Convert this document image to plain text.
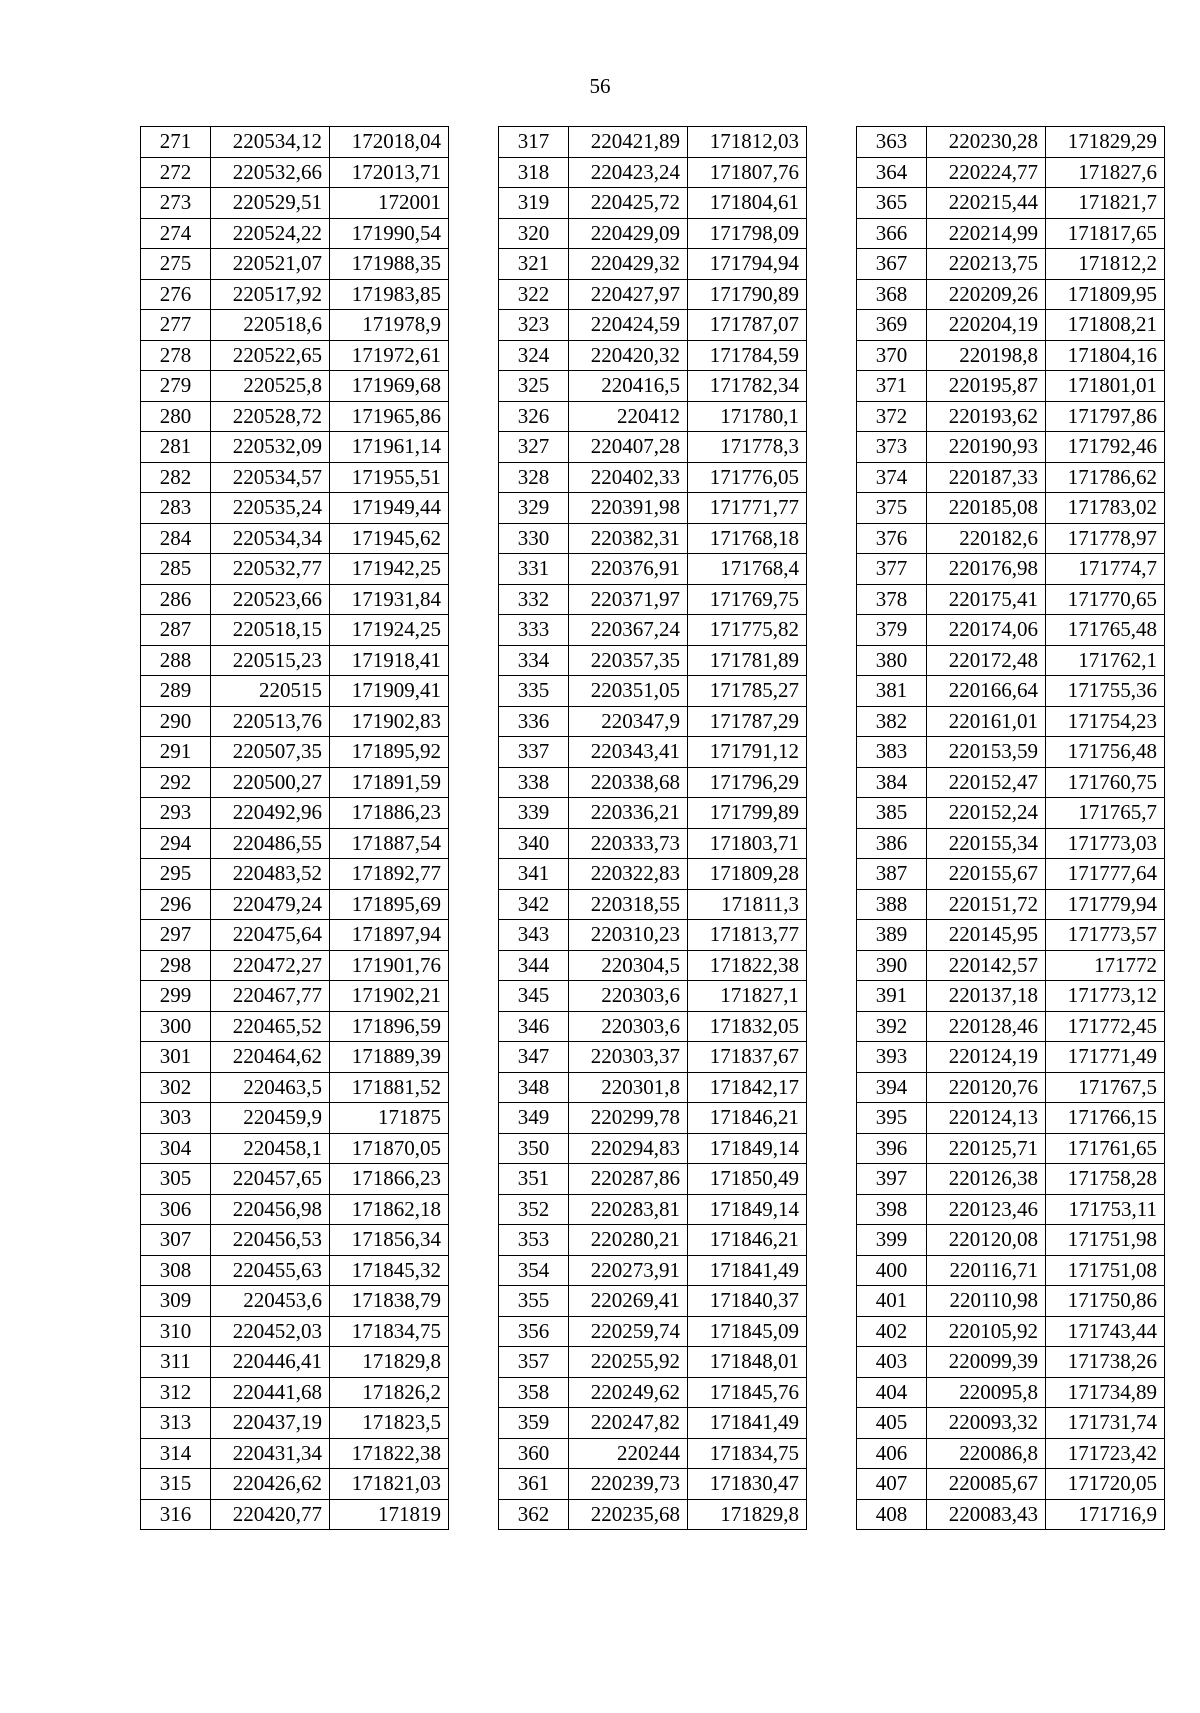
56
271	220534,12	172018,04
272	220532,66	172013,71
273	220529,51	172001
274	220524,22	171990,54
275	220521,07	171988,35
276	220517,92	171983,85
277	220518,6	171978,9
278	220522,65	171972,61
279	220525,8	171969,68
280	220528,72	171965,86
281	220532,09	171961,14
282	220534,57	171955,51
283	220535,24	171949,44
284	220534,34	171945,62
285	220532,77	171942,25
286	220523,66	171931,84
287	220518,15	171924,25
288	220515,23	171918,41
289	220515	171909,41
290	220513,76	171902,83
291	220507,35	171895,92
292	220500,27	171891,59
293	220492,96	171886,23
294	220486,55	171887,54
295	220483,52	171892,77
296	220479,24	171895,69
297	220475,64	171897,94
298	220472,27	171901,76
299	220467,77	171902,21
300	220465,52	171896,59
301	220464,62	171889,39
302	220463,5	171881,52
303	220459,9	171875
304	220458,1	171870,05
305	220457,65	171866,23
306	220456,98	171862,18
307	220456,53	171856,34
308	220455,63	171845,32
309	220453,6	171838,79
310	220452,03	171834,75
311	220446,41	171829,8
312	220441,68	171826,2
313	220437,19	171823,5
314	220431,34	171822,38
315	220426,62	171821,03
316	220420,77	171819
317	220421,89	171812,03
318	220423,24	171807,76
319	220425,72	171804,61
320	220429,09	171798,09
321	220429,32	171794,94
322	220427,97	171790,89
323	220424,59	171787,07
324	220420,32	171784,59
325	220416,5	171782,34
326	220412	171780,1
327	220407,28	171778,3
328	220402,33	171776,05
329	220391,98	171771,77
330	220382,31	171768,18
331	220376,91	171768,4
332	220371,97	171769,75
333	220367,24	171775,82
334	220357,35	171781,89
335	220351,05	171785,27
336	220347,9	171787,29
337	220343,41	171791,12
338	220338,68	171796,29
339	220336,21	171799,89
340	220333,73	171803,71
341	220322,83	171809,28
342	220318,55	171811,3
343	220310,23	171813,77
344	220304,5	171822,38
345	220303,6	171827,1
346	220303,6	171832,05
347	220303,37	171837,67
348	220301,8	171842,17
349	220299,78	171846,21
350	220294,83	171849,14
351	220287,86	171850,49
352	220283,81	171849,14
353	220280,21	171846,21
354	220273,91	171841,49
355	220269,41	171840,37
356	220259,74	171845,09
357	220255,92	171848,01
358	220249,62	171845,76
359	220247,82	171841,49
360	220244	171834,75
361	220239,73	171830,47
362	220235,68	171829,8
363	220230,28	171829,29
364	220224,77	171827,6
365	220215,44	171821,7
366	220214,99	171817,65
367	220213,75	171812,2
368	220209,26	171809,95
369	220204,19	171808,21
370	220198,8	171804,16
371	220195,87	171801,01
372	220193,62	171797,86
373	220190,93	171792,46
374	220187,33	171786,62
375	220185,08	171783,02
376	220182,6	171778,97
377	220176,98	171774,7
378	220175,41	171770,65
379	220174,06	171765,48
380	220172,48	171762,1
381	220166,64	171755,36
382	220161,01	171754,23
383	220153,59	171756,48
384	220152,47	171760,75
385	220152,24	171765,7
386	220155,34	171773,03
387	220155,67	171777,64
388	220151,72	171779,94
389	220145,95	171773,57
390	220142,57	171772
391	220137,18	171773,12
392	220128,46	171772,45
393	220124,19	171771,49
394	220120,76	171767,5
395	220124,13	171766,15
396	220125,71	171761,65
397	220126,38	171758,28
398	220123,46	171753,11
399	220120,08	171751,98
400	220116,71	171751,08
401	220110,98	171750,86
402	220105,92	171743,44
403	220099,39	171738,26
404	220095,8	171734,89
405	220093,32	171731,74
406	220086,8	171723,42
407	220085,67	171720,05
408	220083,43	171716,9
